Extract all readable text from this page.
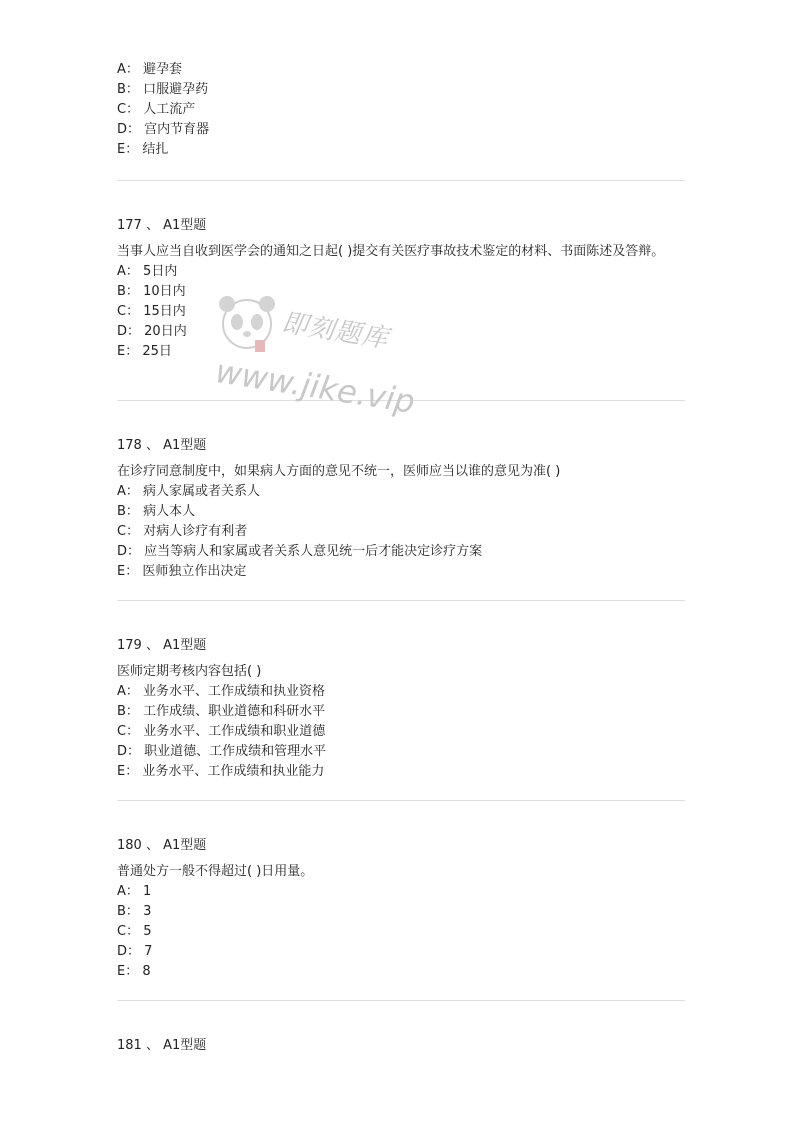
A： 避孕套
B： 口服避孕药
C： 人工流产
D： 宫内节育器
E： 结扎
177 、 A1型题
当事人应当自收到医学会的通知之日起( )提交有关医疗事故技术鉴定的材料、书面陈述及答辩。
A： 5日内
B： 10日内
C： 15日内
D： 20日内
E： 25日
178 、 A1型题
在诊疗同意制度中，如果病人方面的意见不统一，医师应当以谁的意见为准( )
A： 病人家属或者关系人
B： 病人本人
C： 对病人诊疗有利者
D： 应当等病人和家属或者关系人意见统一后才能决定诊疗方案
E： 医师独立作出决定
179 、 A1型题
医师定期考核内容包括( )
A： 业务水平、工作成绩和执业资格
B： 工作成绩、职业道德和科研水平
C： 业务水平、工作成绩和职业道德
D： 职业道德、工作成绩和管理水平
E： 业务水平、工作成绩和执业能力
180 、 A1型题
普通处方一般不得超过( )日用量。
A： 1
B： 3
C： 5
D： 7
E： 8
181 、 A1型题
即刻题库
www.jike.vip
